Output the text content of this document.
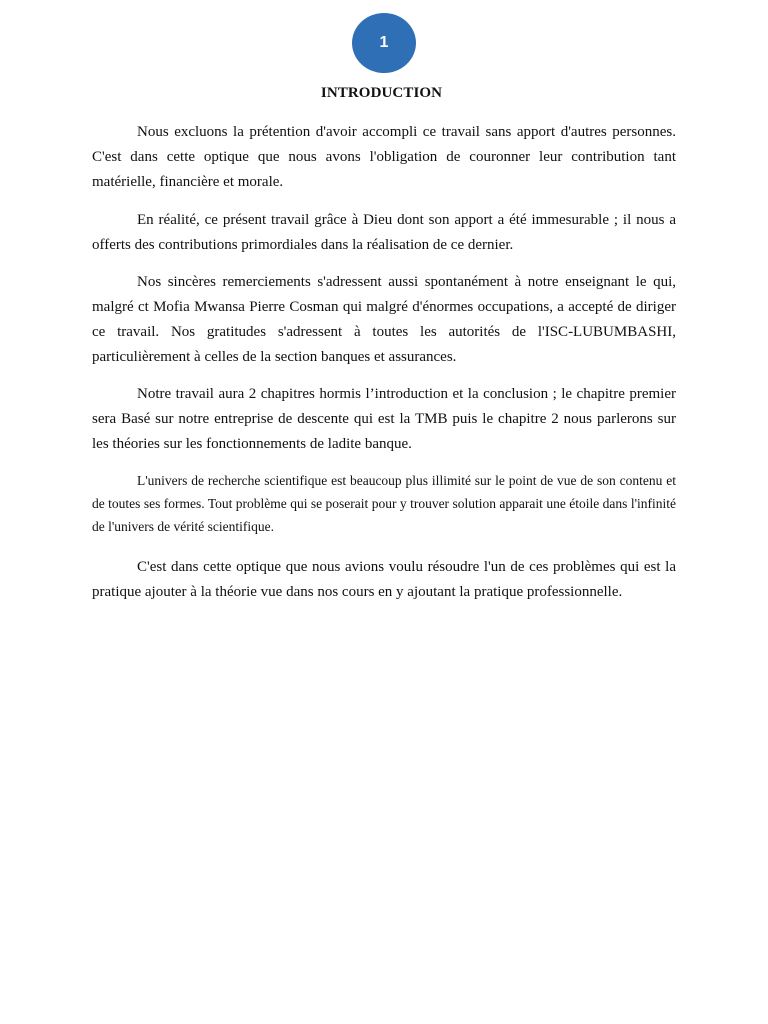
1
INTRODUCTION

Nous excluons la prétention d'avoir accompli ce travail sans apport d'autres personnes. C'est dans cette optique que nous avons l'obligation de couronner leur contribution tant matérielle, financière et morale.

En réalité, ce présent travail grâce à Dieu dont son apport a été immesurable ; il nous a offerts des contributions primordiales dans la réalisation de ce dernier.

Nos sincères remerciements s'adressent aussi spontanément à notre enseignant le qui, malgré ct Mofia Mwansa Pierre Cosman qui malgré d'énormes occupations, a accepté de diriger ce travail. Nos gratitudes s'adressent à toutes les autorités de l'ISC-LUBUMBASHI, particulièrement à celles de la section banques et assurances.

Notre travail aura 2 chapitres hormis l’introduction et la conclusion ; le chapitre premier sera Basé sur notre entreprise de descente qui est la TMB puis le chapitre 2 nous parlerons sur les théories sur les fonctionnements de ladite banque.

L'univers de recherche scientifique est beaucoup plus illimité sur le point de vue de son contenu et de toutes ses formes. Tout problème qui se poserait pour y trouver solution apparait une étoile dans l'infinité de l'univers de vérité scientifique.

C'est dans cette optique que nous avions voulu résoudre l'un de ces problèmes qui est la pratique ajouter à la théorie vue dans nos cours en y ajoutant la pratique professionnelle.
